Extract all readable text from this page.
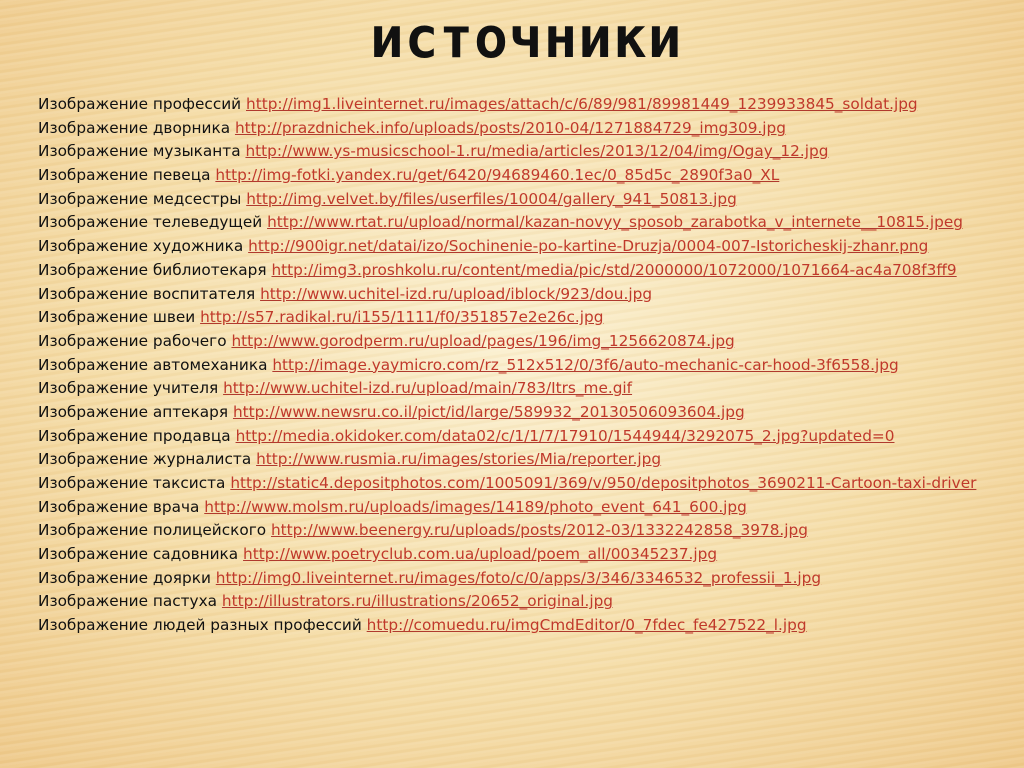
источники
Изображение профессий http://img1.liveinternet.ru/images/attach/c/6/89/981/89981449_1239933845_soldat.jpg
Изображение дворника http://prazdnichek.info/uploads/posts/2010-04/1271884729_img309.jpg
Изображение музыканта http://www.ys-musicschool-1.ru/media/articles/2013/12/04/img/Ogay_12.jpg
Изображение певеца http://img-fotki.yandex.ru/get/6420/94689460.1ec/0_85d5c_2890f3a0_XL
Изображение медсестры http://img.velvet.by/files/userfiles/10004/gallery_941_50813.jpg
Изображение телеведущей http://www.rtat.ru/upload/normal/kazan-novyy_sposob_zarabotka_v_internete__10815.jpeg
Изображение художника http://900igr.net/datai/izo/Sochinenie-po-kartine-Druzja/0004-007-Istoricheskij-zhanr.png
Изображение библиотекаря http://img3.proshkolu.ru/content/media/pic/std/2000000/1072000/1071664-ac4a708f3ff9
Изображение воспитателя http://www.uchitel-izd.ru/upload/iblock/923/dou.jpg
Изображение швеи http://s57.radikal.ru/i155/1111/f0/351857e2e26c.jpg
Изображение рабочего http://www.gorodperm.ru/upload/pages/196/img_1256620874.jpg
Изображение автомеханика http://image.yaymicro.com/rz_512x512/0/3f6/auto-mechanic-car-hood-3f6558.jpg
Изображение учителя http://www.uchitel-izd.ru/upload/main/783/Itrs_me.gif
Изображение аптекаря http://www.newsru.co.il/pict/id/large/589932_20130506093604.jpg
Изображение продавца http://media.okidoker.com/data02/c/1/1/7/17910/1544944/3292075_2.jpg?updated=0
Изображение журналиста http://www.rusmia.ru/images/stories/Mia/reporter.jpg
Изображение таксиста http://static4.depositphotos.com/1005091/369/v/950/depositphotos_3690211-Cartoon-taxi-driver
Изображение врача http://www.molsm.ru/uploads/images/14189/photo_event_641_600.jpg
Изображение полицейского http://www.beenergy.ru/uploads/posts/2012-03/1332242858_3978.jpg
Изображение садовника http://www.poetryclub.com.ua/upload/poem_all/00345237.jpg
Изображение доярки http://img0.liveinternet.ru/images/foto/c/0/apps/3/346/3346532_professii_1.jpg
Изображение пастуха http://illustrators.ru/illustrations/20652_original.jpg
Изображение людей разных профессий http://comuedu.ru/imgCmdEditor/0_7fdec_fe427522_l.jpg
